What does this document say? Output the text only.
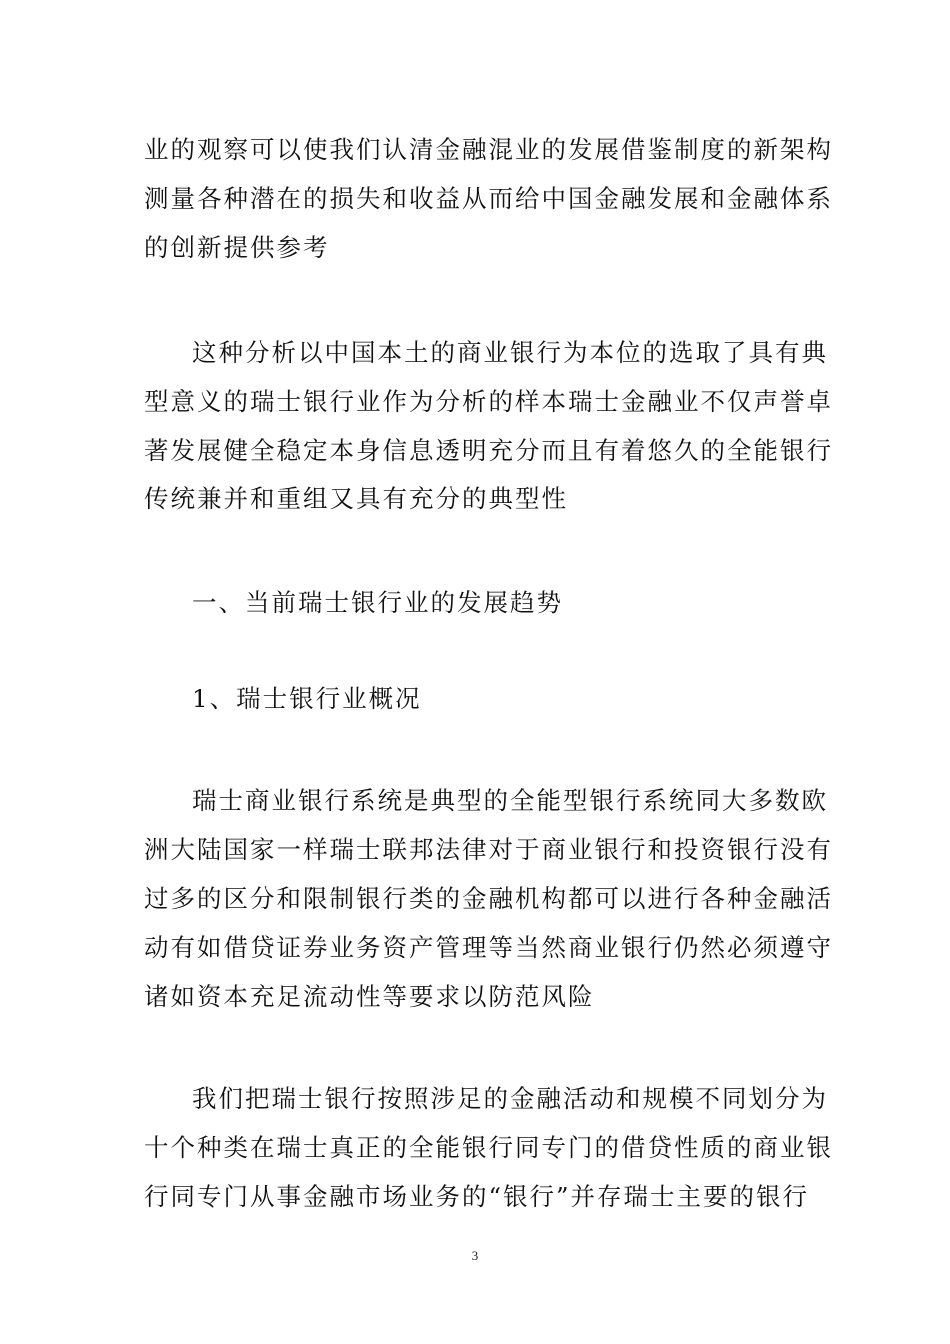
业的观察可以使我们认清金融混业的发展借鉴制度的新架构
测量各种潜在的损失和收益从而给中国金融发展和金融体系
的创新提供参考
这种分析以中国本土的商业银行为本位的选取了具有典
型意义的瑞士银行业作为分析的样本瑞士金融业不仅声誉卓
著发展健全稳定本身信息透明充分而且有着悠久的全能银行
传统兼并和重组又具有充分的典型性
一、当前瑞士银行业的发展趋势
1、瑞士银行业概况
瑞士商业银行系统是典型的全能型银行系统同大多数欧
洲大陆国家一样瑞士联邦法律对于商业银行和投资银行没有
过多的区分和限制银行类的金融机构都可以进行各种金融活
动有如借贷证券业务资产管理等当然商业银行仍然必须遵守
诸如资本充足流动性等要求以防范风险
我们把瑞士银行按照涉足的金融活动和规模不同划分为
十个种类在瑞士真正的全能银行同专门的借贷性质的商业银
行同专门从事金融市场业务的“银行”并存瑞士主要的银行
3
